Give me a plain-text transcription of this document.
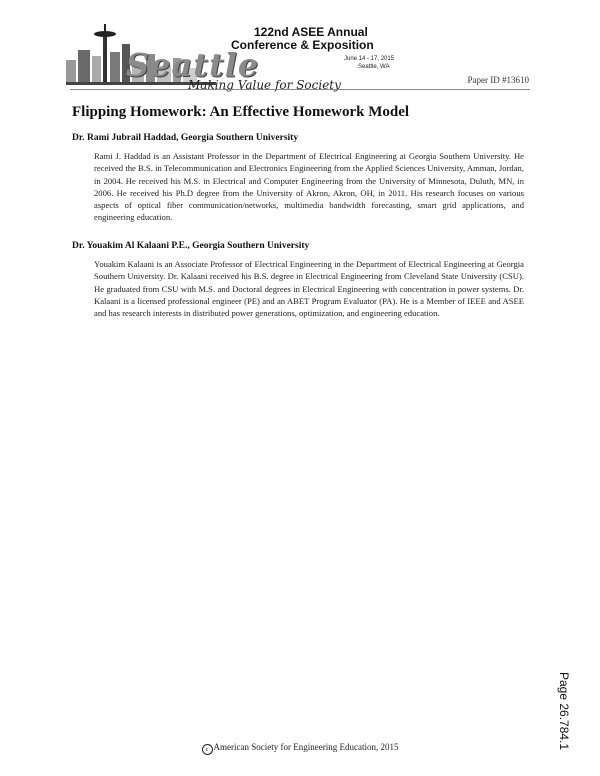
Seattle
Making Value for Society
122nd ASEE Annual
Conference & Exposition
June 14 - 17, 2015
Seattle, WA
Paper ID #13610
Flipping Homework: An Effective Homework Model

Dr. Rami Jubrail Haddad, Georgia Southern University

Rami J. Haddad is an Assistant Professor in the Department of Electrical Engineering at Georgia Southern University. He received the B.S. in Telecommunication and Electronics Engineering from the Applied Sciences University, Amman, Jordan, in 2004. He received his M.S. in Electrical and Computer Engineering from the University of Minnesota, Duluth, MN, in 2006. He received his Ph.D degree from the University of Akron, Akron, OH, in 2011. His research focuses on various aspects of optical fiber communication/networks, multimedia bandwidth forecasting, smart grid applications, and engineering education.

Dr. Youakim Al Kalaani P.E., Georgia Southern University

Youakim Kalaani is an Associate Professor of Electrical Engineering in the Department of Electrical Engineering at Georgia Southern University. Dr. Kalaani received his B.S. degree in Electrical Engineering from Cleveland State University (CSU). He graduated from CSU with M.S. and Doctoral degrees in Electrical Engineering with concentration in power systems. Dr. Kalaani is a licensed professional engineer (PE) and an ABET Program Evaluator (PA). He is a Member of IEEE and ASEE and has research interests in distributed power generations, optimization, and engineering education.

Page 26.784.1
c American Society for Engineering Education, 2015
